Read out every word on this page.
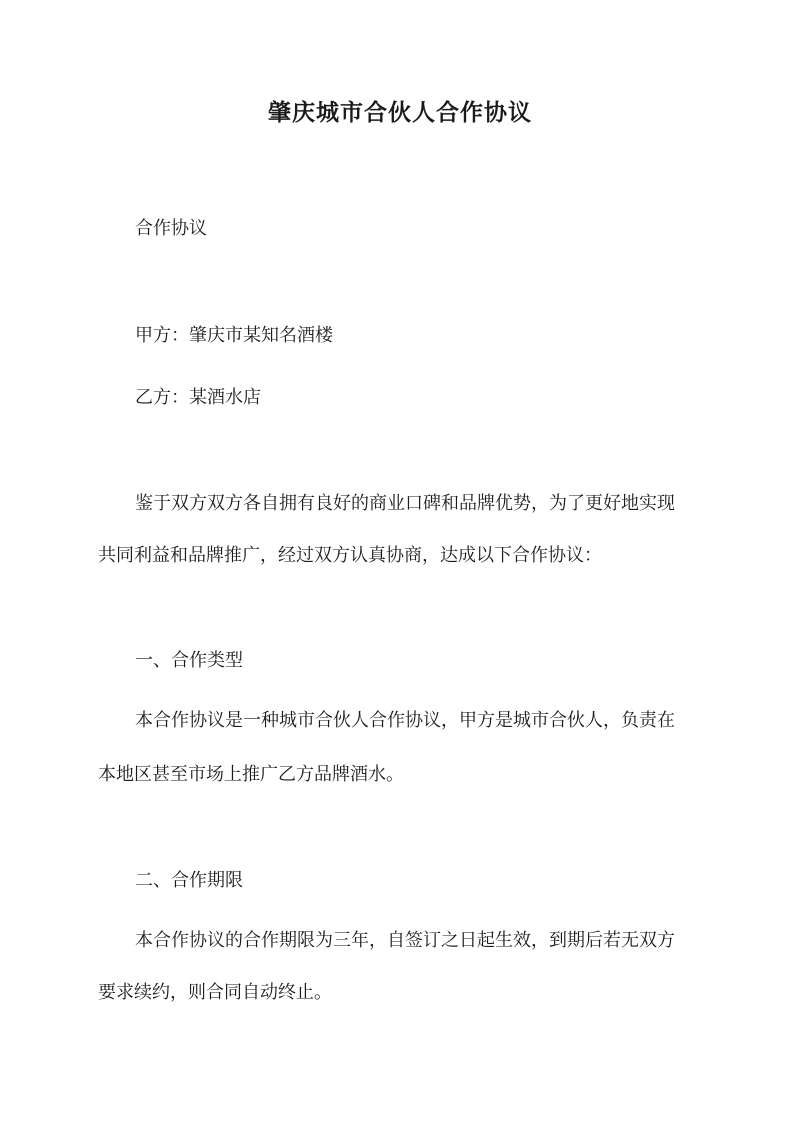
肇庆城市合伙人合作协议

合作协议

甲方：肇庆市某知名酒楼

乙方：某酒水店

鉴于双方双方各自拥有良好的商业口碑和品牌优势，为了更好地实现

共同利益和品牌推广，经过双方认真协商，达成以下合作协议：

一、合作类型

本合作协议是一种城市合伙人合作协议，甲方是城市合伙人，负责在

本地区甚至市场上推广乙方品牌酒水。

二、合作期限

本合作协议的合作期限为三年，自签订之日起生效，到期后若无双方

要求续约，则合同自动终止。
